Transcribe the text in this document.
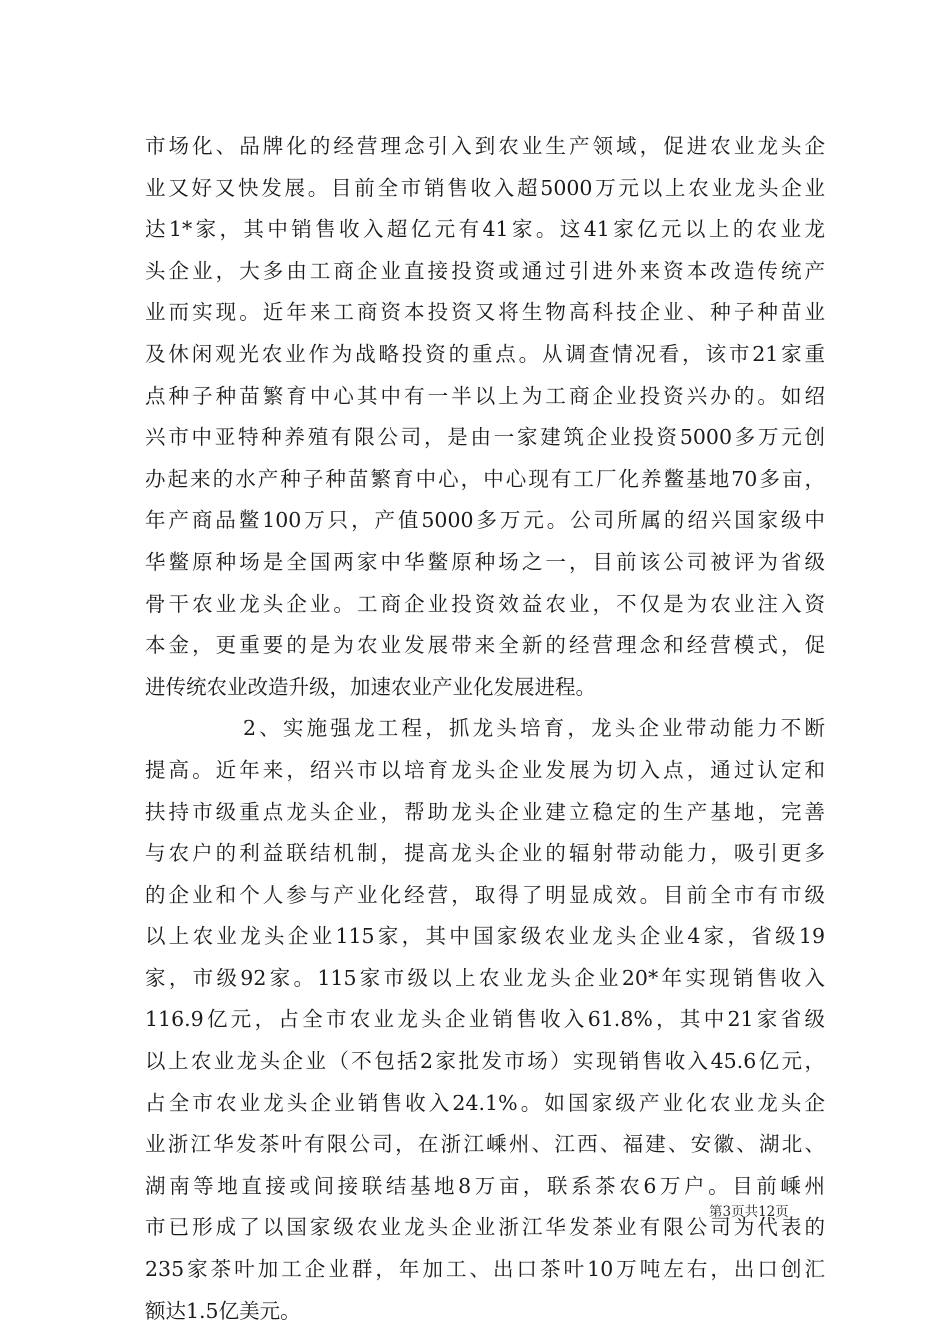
市场化、品牌化的经营理念引入到农业生产领域，促进农业龙头企
业又好又快发展。目前全市销售收入超5000万元以上农业龙头企业
达1*家，其中销售收入超亿元有41家。这41家亿元以上的农业龙
头企业，大多由工商企业直接投资或通过引进外来资本改造传统产
业而实现。近年来工商资本投资又将生物高科技企业、种子种苗业
及休闲观光农业作为战略投资的重点。从调查情况看，该市21家重
点种子种苗繁育中心其中有一半以上为工商企业投资兴办的。如绍
兴市中亚特种养殖有限公司，是由一家建筑企业投资5000多万元创
办起来的水产种子种苗繁育中心，中心现有工厂化养鳖基地70多亩，
年产商品鳖100万只，产值5000多万元。公司所属的绍兴国家级中
华鳖原种场是全国两家中华鳖原种场之一，目前该公司被评为省级
骨干农业龙头企业。工商企业投资效益农业，不仅是为农业注入资
本金，更重要的是为农业发展带来全新的经营理念和经营模式，促
进传统农业改造升级，加速农业产业化发展进程。
2、实施强龙工程，抓龙头培育，龙头企业带动能力不断
提高。近年来，绍兴市以培育龙头企业发展为切入点，通过认定和
扶持市级重点龙头企业，帮助龙头企业建立稳定的生产基地，完善
与农户的利益联结机制，提高龙头企业的辐射带动能力，吸引更多
的企业和个人参与产业化经营，取得了明显成效。目前全市有市级
以上农业龙头企业115家，其中国家级农业龙头企业4家，省级19
家，市级92家。115家市级以上农业龙头企业20*年实现销售收入
116.9亿元，占全市农业龙头企业销售收入61.8%，其中21家省级
以上农业龙头企业（不包括2家批发市场）实现销售收入45.6亿元，
占全市农业龙头企业销售收入24.1%。如国家级产业化农业龙头企
业浙江华发茶叶有限公司，在浙江嵊州、江西、福建、安徽、湖北、
湖南等地直接或间接联结基地8万亩，联系茶农6万户。目前嵊州
市已形成了以国家级农业龙头企业浙江华发茶业有限公司为代表的
235家茶叶加工企业群，年加工、出口茶叶10万吨左右，出口创汇
额达1.5亿美元。
第3页共12页
